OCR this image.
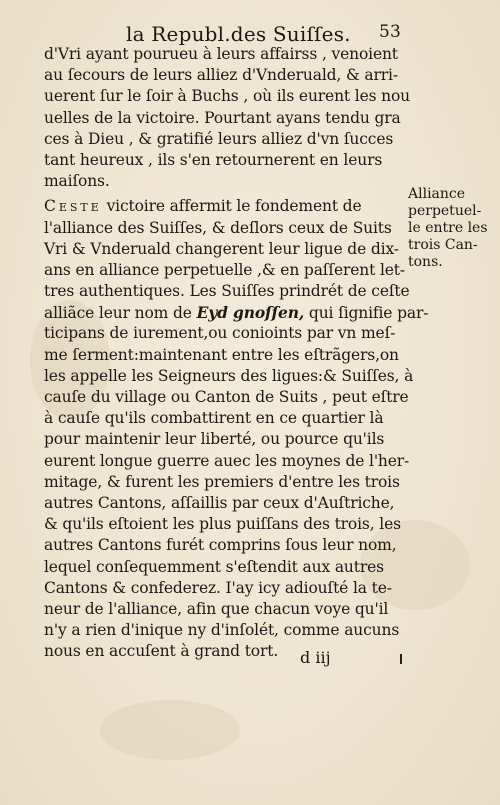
la Republ.des Suiſſes. 53
d'Vri ayant pourueu à leurs affairss , venoient
au ſecours de leurs alliez d'Vnderuald, & arri-
uerent ſur le ſoir à Buchs , où ils eurent les nou
uelles de la victoire. Pourtant ayans tendu gra
ces à Dieu , & gratifié leurs alliez d'vn ſucces
tant heureux , ils s'en retournerent en leurs
maiſons.
Ceste victoire affermit le fondement de
l'alliance des Suiſſes, & deſlors ceux de Suits
Vri & Vnderuald changerent leur ligue de dix-
ans en alliance perpetuelle ,& en paſſerent let-
tres authentiques. Les Suiſſes prindrét de ceſte
alliãce leur nom de Eyd gnoſſen, qui ſignifie par-
ticipans de iurement,ou conioints par vn meſ-
me ſerment:maintenant entre les eſtrãgers,on
les appelle les Seigneurs des ligues:& Suiſſes, à
cauſe du village ou Canton de Suits , peut eſtre
à cauſe qu'ils combattirent en ce quartier là
pour maintenir leur liberté, ou pource qu'ils
eurent longue guerre auec les moynes de l'her-
mitage, & furent les premiers d'entre les trois
autres Cantons, aſſaillis par ceux d'Auſtriche,
& qu'ils eſtoient les plus puiſſans des trois, les
autres Cantons furét comprins ſous leur nom,
lequel conſequemment s'eſtendit aux autres
Cantons & confederez. I'ay icy adiouſté la te-
neur de l'alliance, afin que chacun voye qu'il
n'y a rien d'inique ny d'inſolét, comme aucuns
nous en accuſent à grand tort.
Alliance
perpetuel-
le entre les
trois Can-
tons.
d iij
